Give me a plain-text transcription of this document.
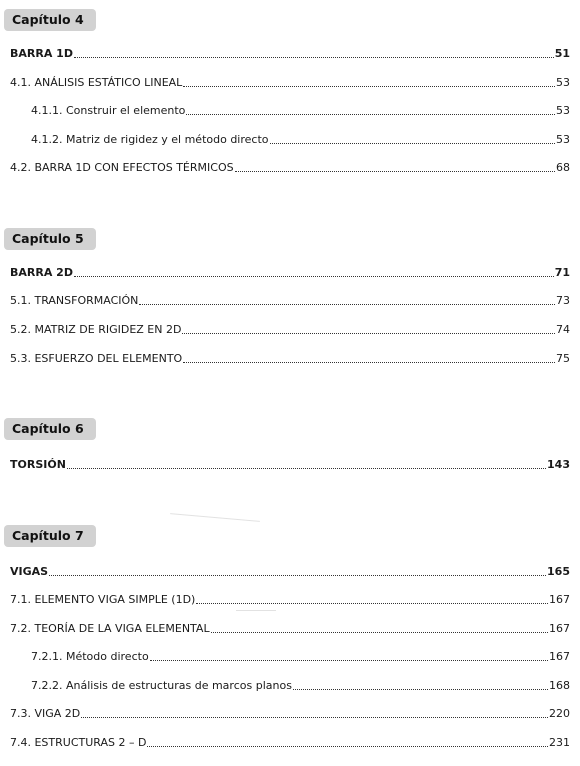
Capítulo 4
BARRA 1D	51
4.1. ANÁLISIS ESTÁTICO LINEAL	53
4.1.1. Construir el elemento	53
4.1.2. Matriz de rigidez y el método directo	53
4.2. BARRA 1D CON EFECTOS TÉRMICOS	68
Capítulo 5
BARRA 2D	71
5.1. TRANSFORMACIÓN	73
5.2. MATRIZ DE RIGIDEZ EN 2D	74
5.3. ESFUERZO DEL ELEMENTO	75
Capítulo 6
TORSIÓN	143
Capítulo 7
VIGAS	165
7.1. ELEMENTO VIGA SIMPLE (1D)	167
7.2. TEORÍA DE LA VIGA ELEMENTAL	167
7.2.1. Método directo	167
7.2.2. Análisis de estructuras de marcos planos	168
7.3. VIGA 2D	220
7.4. ESTRUCTURAS 2 – D	231
